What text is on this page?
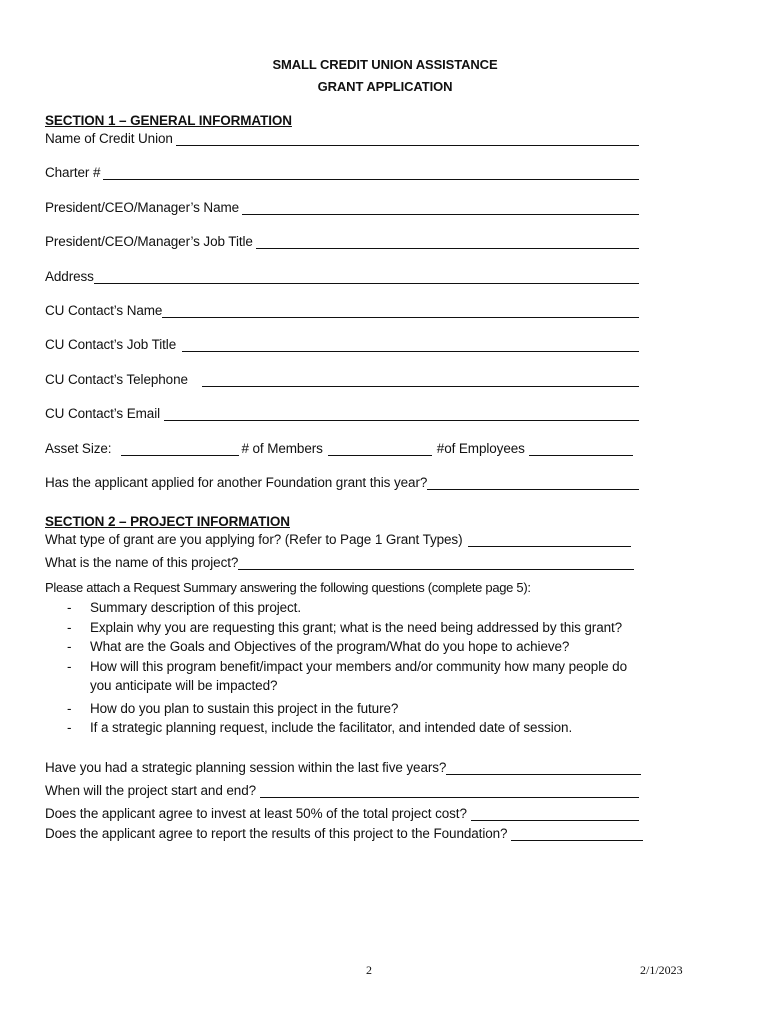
SMALL CREDIT UNION ASSISTANCE
GRANT APPLICATION
SECTION 1 – GENERAL INFORMATION
Name of Credit Union
Charter #
President/CEO/Manager’s Name
President/CEO/Manager’s Job Title
Address
CU Contact’s Name
CU Contact’s Job Title
CU Contact’s Telephone
CU Contact’s Email
Asset Size:	# of Members	#of Employees
Has the applicant applied for another Foundation grant this year?
SECTION 2 – PROJECT INFORMATION
What type of grant are you applying for? (Refer to Page 1 Grant Types)
What is the name of this project?
Please attach a Request Summary answering the following questions (complete page 5):
- Summary description of this project.
- Explain why you are requesting this grant; what is the need being addressed by this grant?
- What are the Goals and Objectives of the program/What do you hope to achieve?
- How will this program benefit/impact your members and/or community how many people do you anticipate will be impacted?
- How do you plan to sustain this project in the future?
- If a strategic planning request, include the facilitator, and intended date of session.
Have you had a strategic planning session within the last five years?
When will the project start and end?
Does the applicant agree to invest at least 50% of the total project cost?
Does the applicant agree to report the results of this project to the Foundation?
2	2/1/2023
